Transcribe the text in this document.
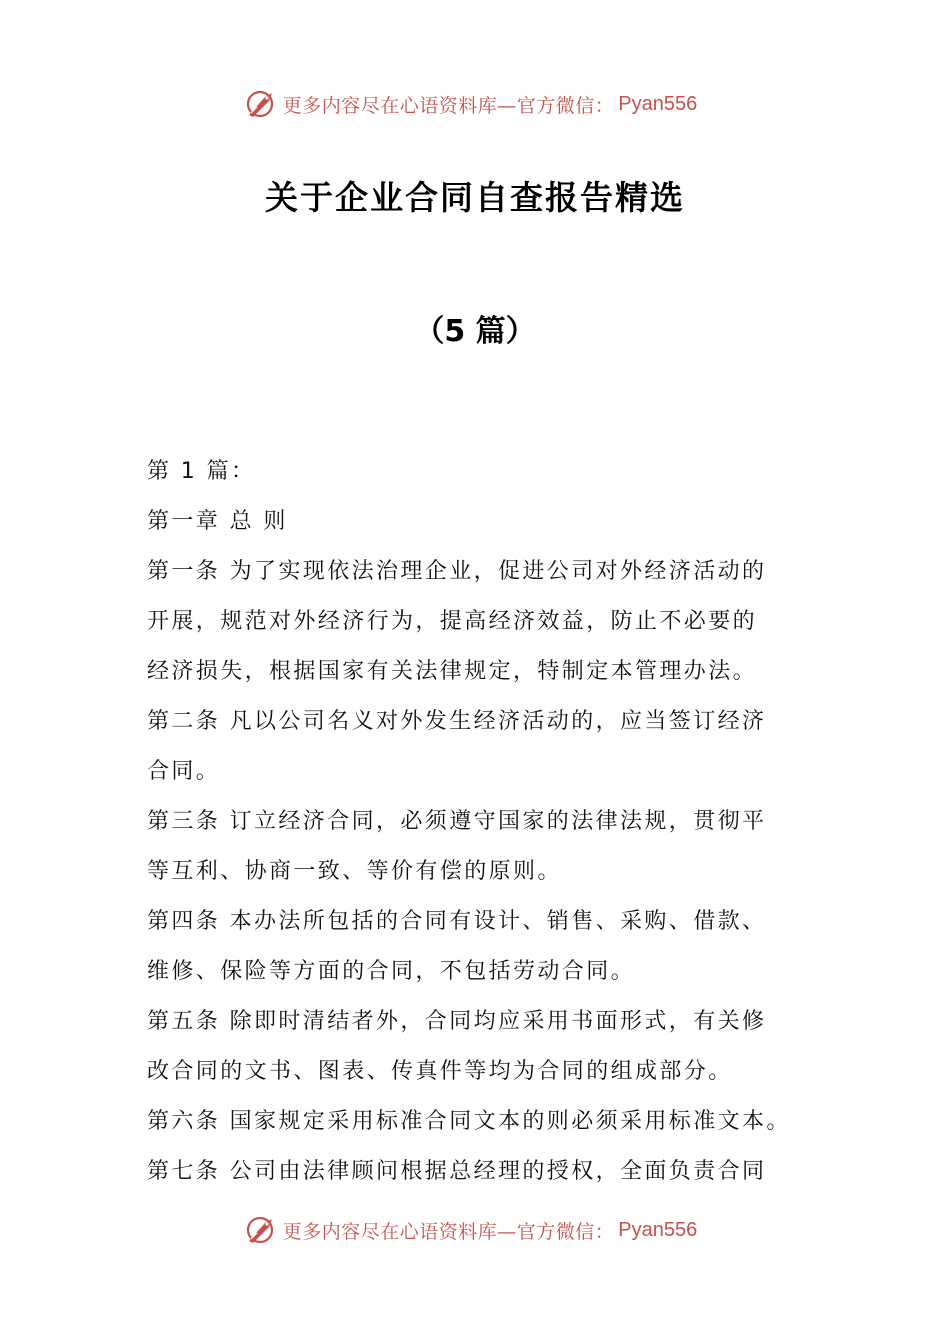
更多内容尽在心语资料库—官方微信： Pyan556
关于企业合同自查报告精选
（5 篇）
第 1 篇：
第一章 总 则
第一条 为了实现依法治理企业，促进公司对外经济活动的
开展，规范对外经济行为，提高经济效益，防止不必要的
经济损失，根据国家有关法律规定，特制定本管理办法。
第二条 凡以公司名义对外发生经济活动的，应当签订经济
合同。
第三条 订立经济合同，必须遵守国家的法律法规，贯彻平
等互利、协商一致、等价有偿的原则。
第四条 本办法所包括的合同有设计、销售、采购、借款、
维修、保险等方面的合同，不包括劳动合同。
第五条 除即时清结者外，合同均应采用书面形式，有关修
改合同的文书、图表、传真件等均为合同的组成部分。
第六条 国家规定采用标准合同文本的则必须采用标准文本。
第七条 公司由法律顾问根据总经理的授权，全面负责合同
更多内容尽在心语资料库—官方微信： Pyan556
